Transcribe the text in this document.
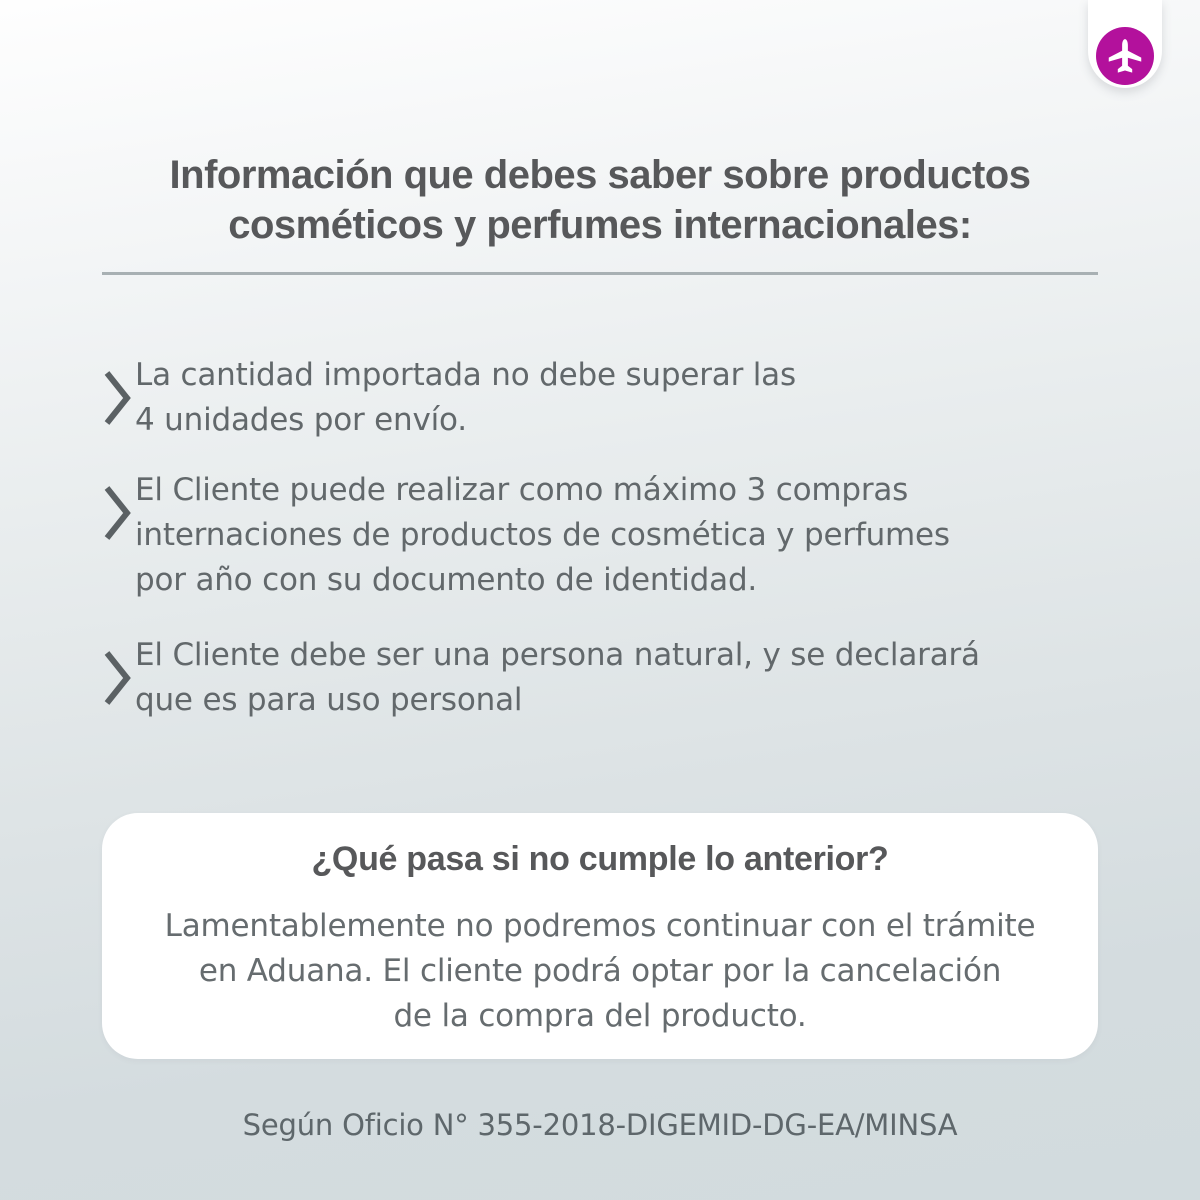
Información que debes saber sobre productos
cosméticos y perfumes internacionales:
La cantidad importada no debe superar las
4 unidades por envío.
El Cliente puede realizar como máximo 3 compras
internaciones de productos de cosmética y perfumes
por año con su documento de identidad.
El Cliente debe ser una persona natural, y se declarará
que es para uso personal
¿Qué pasa si no cumple lo anterior?
Lamentablemente no podremos continuar con el trámite
en Aduana. El cliente podrá optar por la cancelación
de la compra del producto.
Según Oficio N° 355-2018-DIGEMID-DG-EA/MINSA
